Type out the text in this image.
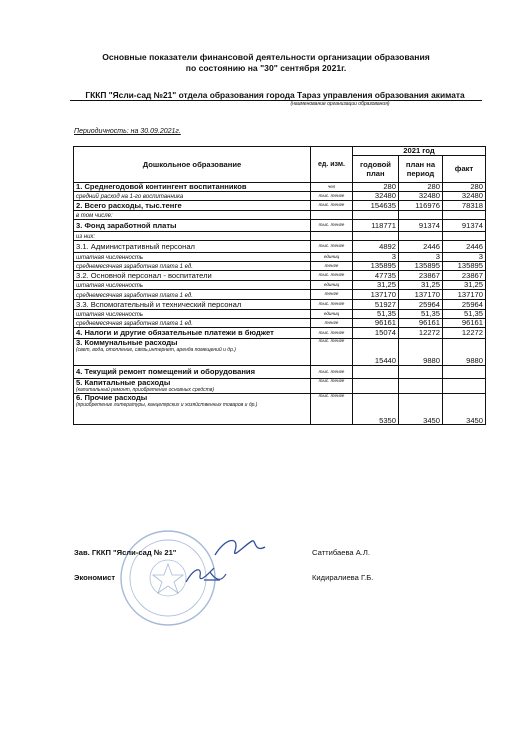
Основные показатели финансовой деятельности организации образования
по состоянию на "30" сентября 2021г.
ГККП "Ясли-сад №21" отдела образования города Тараз управления образования акимата
(наименование организации образования)
Периодичность: на 30.09.2021г.
Дошкольное образование	ед. изм.	2021 год		
		годовой план	план на период	факт
1. Среднегодовой контингент воспитанников	чел	280	280	280
средний расход на 1-го воспитанника	тыс. тенге	32480	32480	32480
2. Всего расходы, тыс.тенге	тыс. тенге	154635	116976	78318
в том числе:				
3. Фонд заработной платы	тыс. тенге	118771	91374	91374
из них:				
3.1. Административный персонал	тыс. тенге	4892	2446	2446
штатная численность	единиц	3	3	3
среднемесячная заработная плата 1 ед.	тенге	135895	135895	135895
3.2. Основной персонал - воспитатели	тыс. тенге	47735	23867	23867
штатная численность	единиц	31,25	31,25	31,25
среднемесячная заработная плата 1 ед.	тенге	137170	137170	137170
3.3. Вспомогательный и технический персонал	тыс. тенге	51927	25964	25964
штатная численность	единиц	51,35	51,35	51,35
среднемесячная заработная плата 1 ед.	тенге	96161	96161	96161
4. Налоги и другие обязательные платежи в бюджет	тыс. тенге	15074	12272	12272
3. Коммунальные расходы
(свет, вода, отопление, связь,интернет, аренда помещений и др.)	тыс. тенге	15440	9880	9880
4. Текущий ремонт помещений и оборудования	тыс. тенге			
5. Капитальные расходы
(капитальный ремонт, приобретение основных средств)	тыс. тенге			
6. Прочие расходы
(приобретение литературы, канцелярских и хозяйственных товаров и др.)	тыс. тенге	5350	3450	3450
Зав. ГККП "Ясли-сад № 21"	Саттибаева А.Л.
Экономист	Кидиралиева Г.Б.
